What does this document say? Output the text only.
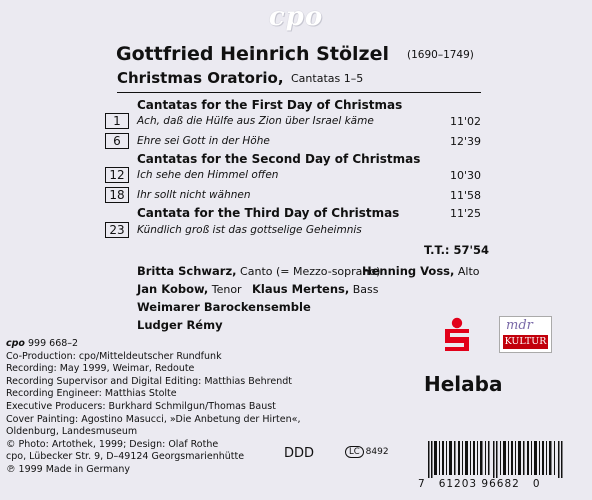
cpo
Gottfried Heinrich Stölzel (1690–1749)
Christmas Oratorio, Cantatas 1–5
Cantatas for the First Day of Christmas
1	Ach, daß die Hülfe aus Zion über Israel käme	11'02
6	Ehre sei Gott in der Höhe	12'39
Cantatas for the Second Day of Christmas
12	Ich sehe den Himmel offen	10'30
18	Ihr sollt nicht wähnen	11'58
Cantata for the Third Day of Christmas	11'25
23	Kündlich groß ist das gottselige Geheimnis
T.T.: 57'54
Britta Schwarz, Canto (= Mezzo-soprano)
Henning Voss, Alto
Jan Kobow, Tenor Klaus Mertens, Bass
Weimarer Barockensemble
Ludger Rémy
cpo 999 668–2
Co-Production: cpo/Mitteldeutscher Rundfunk
Recording: May 1999, Weimar, Redoute
Recording Supervisor and Digital Editing: Matthias Behrendt
Recording Engineer: Matthias Stolte
Executive Producers: Burkhard Schmilgun/Thomas Baust
Cover Painting: Agostino Masucci, »Die Anbetung der Hirten«,
Oldenburg, Landesmuseum
© Photo: Artothek, 1999; Design: Olaf Rothe
cpo, Lübecker Str. 9, D–49124 Georgsmarienhütte
℗ 1999 Made in Germany
DDD	LC 8492
mdr
KULTUR
Helaba
7   61203 96682   0
